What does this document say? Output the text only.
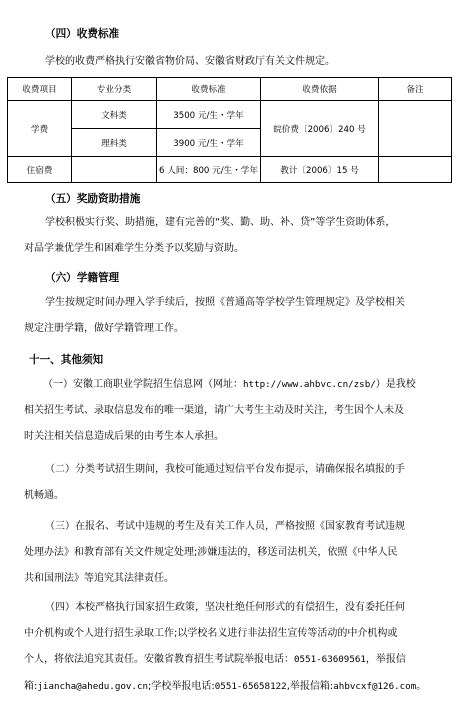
（四）收费标准
学校的收费严格执行安徽省物价局、安徽省财政厅有关文件规定。
收费项目	专业分类	收费标准	收费依据	备注
学费	文科类	3500 元/生・学年	皖价费〔2006〕240 号	
	理科类	3900 元/生・学年		
住宿费		6 人间：800 元/生・学年	教计〔2006〕15 号	
（五）奖励资助措施
学校积极实行奖、助措施，建有完善的“奖、勤、助、补、贷”等学生资助体系，
对品学兼优学生和困难学生分类予以奖励与资助。
（六）学籍管理
学生按规定时间办理入学手续后，按照《普通高等学校学生管理规定》及学校相关
规定注册学籍，做好学籍管理工作。
十一、其他须知
（一）安徽工商职业学院招生信息网（网址：http://www.ahbvc.cn/zsb/）是我校
相关招生考试、录取信息发布的唯一渠道，请广大考生主动及时关注，考生因个人未及
时关注相关信息造成后果的由考生本人承担。
（二）分类考试招生期间，我校可能通过短信平台发布提示，请确保报名填报的手
机畅通。
（三）在报名、考试中违规的考生及有关工作人员，严格按照《国家教育考试违规
处理办法》和教育部有关文件规定处理;涉嫌违法的，移送司法机关，依照《中华人民
共和国刑法》等追究其法律责任。
（四）本校严格执行国家招生政策，坚决杜绝任何形式的有偿招生，没有委托任何
中介机构或个人进行招生录取工作;以学校名义进行非法招生宣传等活动的中介机构或
个人，将依法追究其责任。安徽省教育招生考试院举报电话：0551-63609561，举报信
箱:jiancha@ahedu.gov.cn;学校举报电话:0551-65658122,举报信箱:ahbvcxf@126.com。
